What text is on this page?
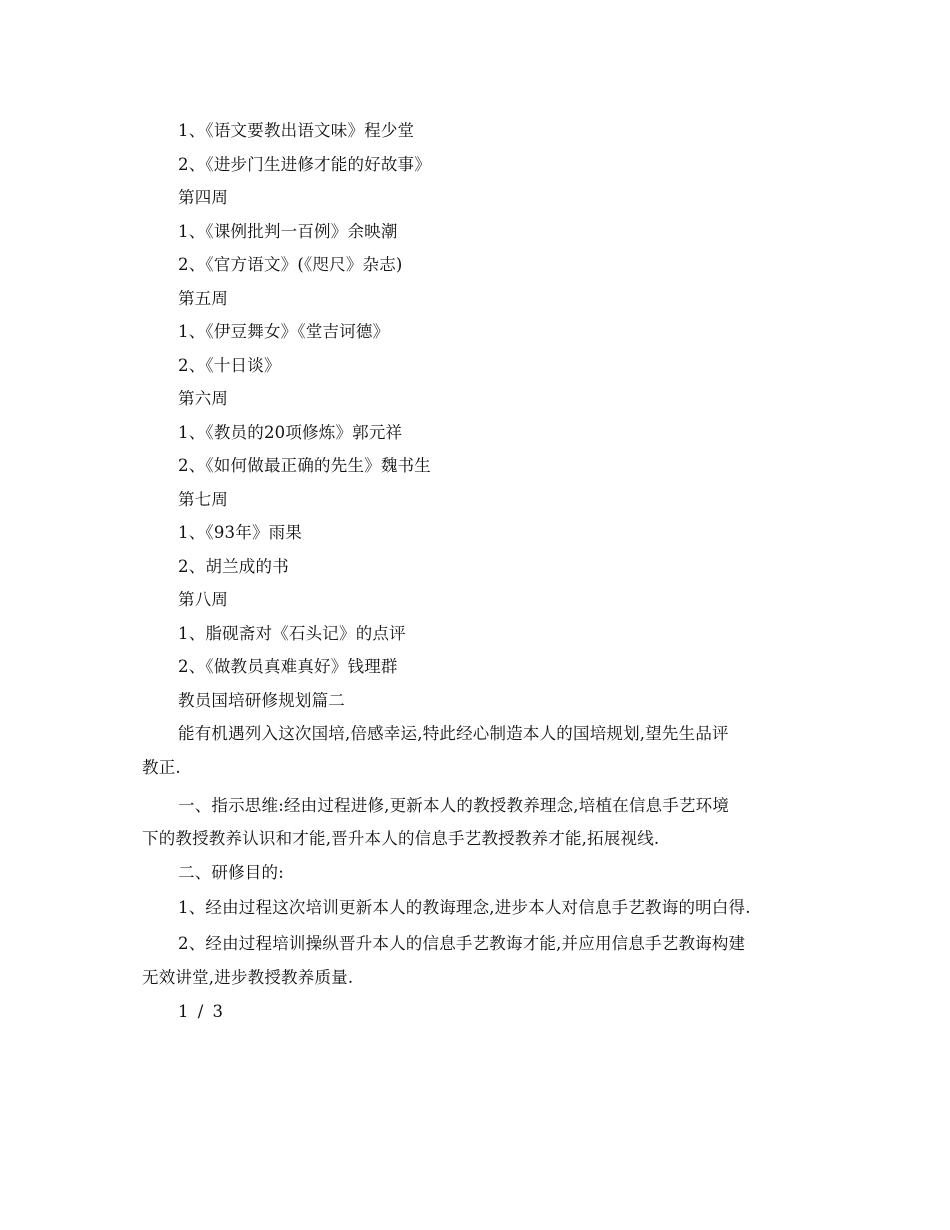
1、《语文要教出语文味》程少堂
2、《进步门生进修才能的好故事》
第四周
1、《课例批判一百例》余映潮
2、《官方语文》(《咫尺》杂志)
第五周
1、《伊豆舞女》《堂吉诃德》
2、《十日谈》
第六周
1、《教员的20项修炼》郭元祥
2、《如何做最正确的先生》魏书生
第七周
1、《93年》雨果
2、胡兰成的书
第八周
1、脂砚斋对《石头记》的点评
2、《做教员真难真好》钱理群
教员国培研修规划篇二
能有机遇列入这次国培,倍感幸运,特此经心制造本人的国培规划,望先生品评
教正.
一、指示思维:经由过程进修,更新本人的教授教养理念,培植在信息手艺环境
下的教授教养认识和才能,晋升本人的信息手艺教授教养才能,拓展视线.
二、研修目的:
1、经由过程这次培训更新本人的教诲理念,进步本人对信息手艺教诲的明白得.
2、经由过程培训操纵晋升本人的信息手艺教诲才能,并应用信息手艺教诲构建
无效讲堂,进步教授教养质量.
1 / 3
